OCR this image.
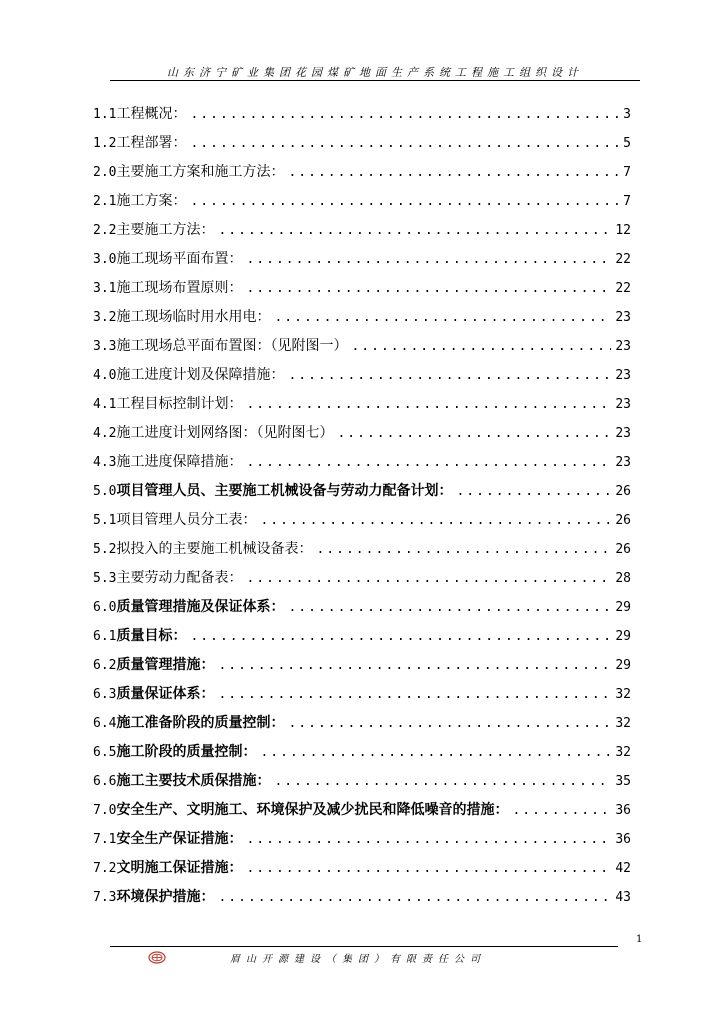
山东济宁矿业集团花园煤矿地面生产系统工程施工组织设计
1.1 工程概况： .....	3
1.2 工程部署： .....	5
2.0 主要施工方案和施工方法： .....	7
2.1 施工方案： .....	7
2.2 主要施工方法： .....	12
3.0 施工现场平面布置： .....	22
3.1 施工现场布置原则： .....	22
3.2 施工现场临时用水用电： .....	23
3.3 施工现场总平面布置图：（见附图一） .....	23
4.0 施工进度计划及保障措施： .....	23
4.1 工程目标控制计划： .....	23
4.2 施工进度计划网络图：（见附图七） .....	23
4.3 施工进度保障措施： .....	23
5.0 项目管理人员、主要施工机械设备与劳动力配备计划： .....	26
5.1 项目管理人员分工表： .....	26
5.2 拟投入的主要施工机械设备表： .....	26
5.3 主要劳动力配备表： .....	28
6.0 质量管理措施及保证体系： .....	29
6.1 质量目标： .....	29
6.2 质量管理措施： .....	29
6.3 质量保证体系： .....	32
6.4 施工准备阶段的质量控制： .....	32
6.5 施工阶段的质量控制： .....	32
6.6 施工主要技术质保措施： .....	35
7.0 安全生产、文明施工、环境保护及减少扰民和降低噪音的措施： .....	36
7.1 安全生产保证措施： .....	36
7.2 文明施工保证措施： .....	42
7.3 环境保护措施： .....	43
1
眉山开源建设（集团）有限责任公司
